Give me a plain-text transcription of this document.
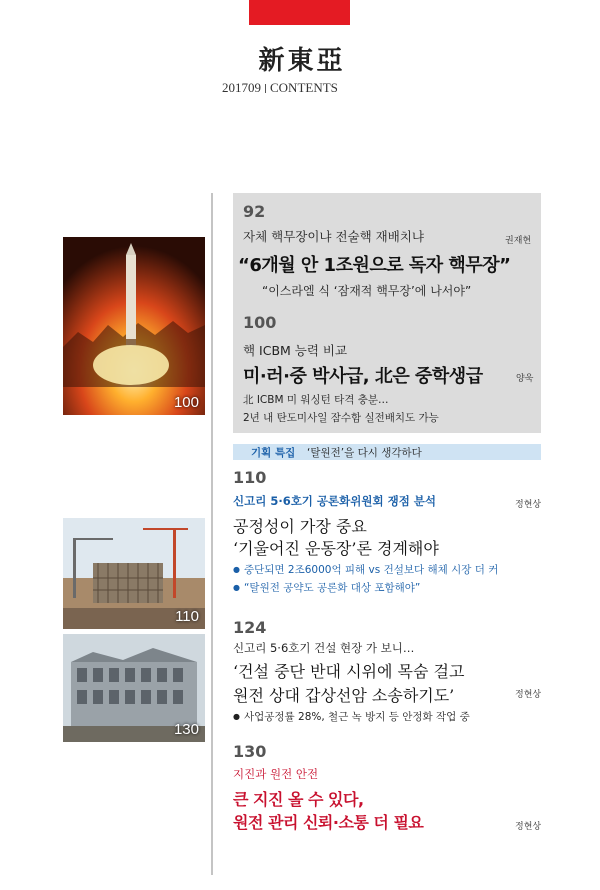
新東亞
201709 CONTENTS
100
110
130
92
자체 핵무장이냐 전술핵 재배치냐	권재현
“6개월 안 1조원으로 독자 핵무장”
“이스라엘 식 ‘잠재적 핵무장’에 나서야”
100
핵 ICBM 능력 비교
미·러·중 박사급, 北은 중학생급	양욱
北 ICBM 미 워싱턴 타격 충분…
2년 내 탄도미사일 잠수함 실전배치도 가능
기획 특집 ‘탈원전’을 다시 생각하다
110
신고리 5·6호기 공론화위원회 쟁점 분석	정현상
공정성이 가장 중요
‘기울어진 운동장’론 경계해야
● 중단되면 2조6000억 피해 vs 건설보다 해체 시장 더 커
● “탈원전 공약도 공론화 대상 포함해야”
124
신고리 5·6호기 건설 현장 가 보니…
‘건설 중단 반대 시위에 목숨 걸고
원전 상대 갑상선암 소송하기도’	정현상
● 사업공정률 28%, 철근 녹 방지 등 안정화 작업 중
130
지진과 원전 안전
큰 지진 올 수 있다,
원전 관리 신뢰·소통 더 필요	정현상
